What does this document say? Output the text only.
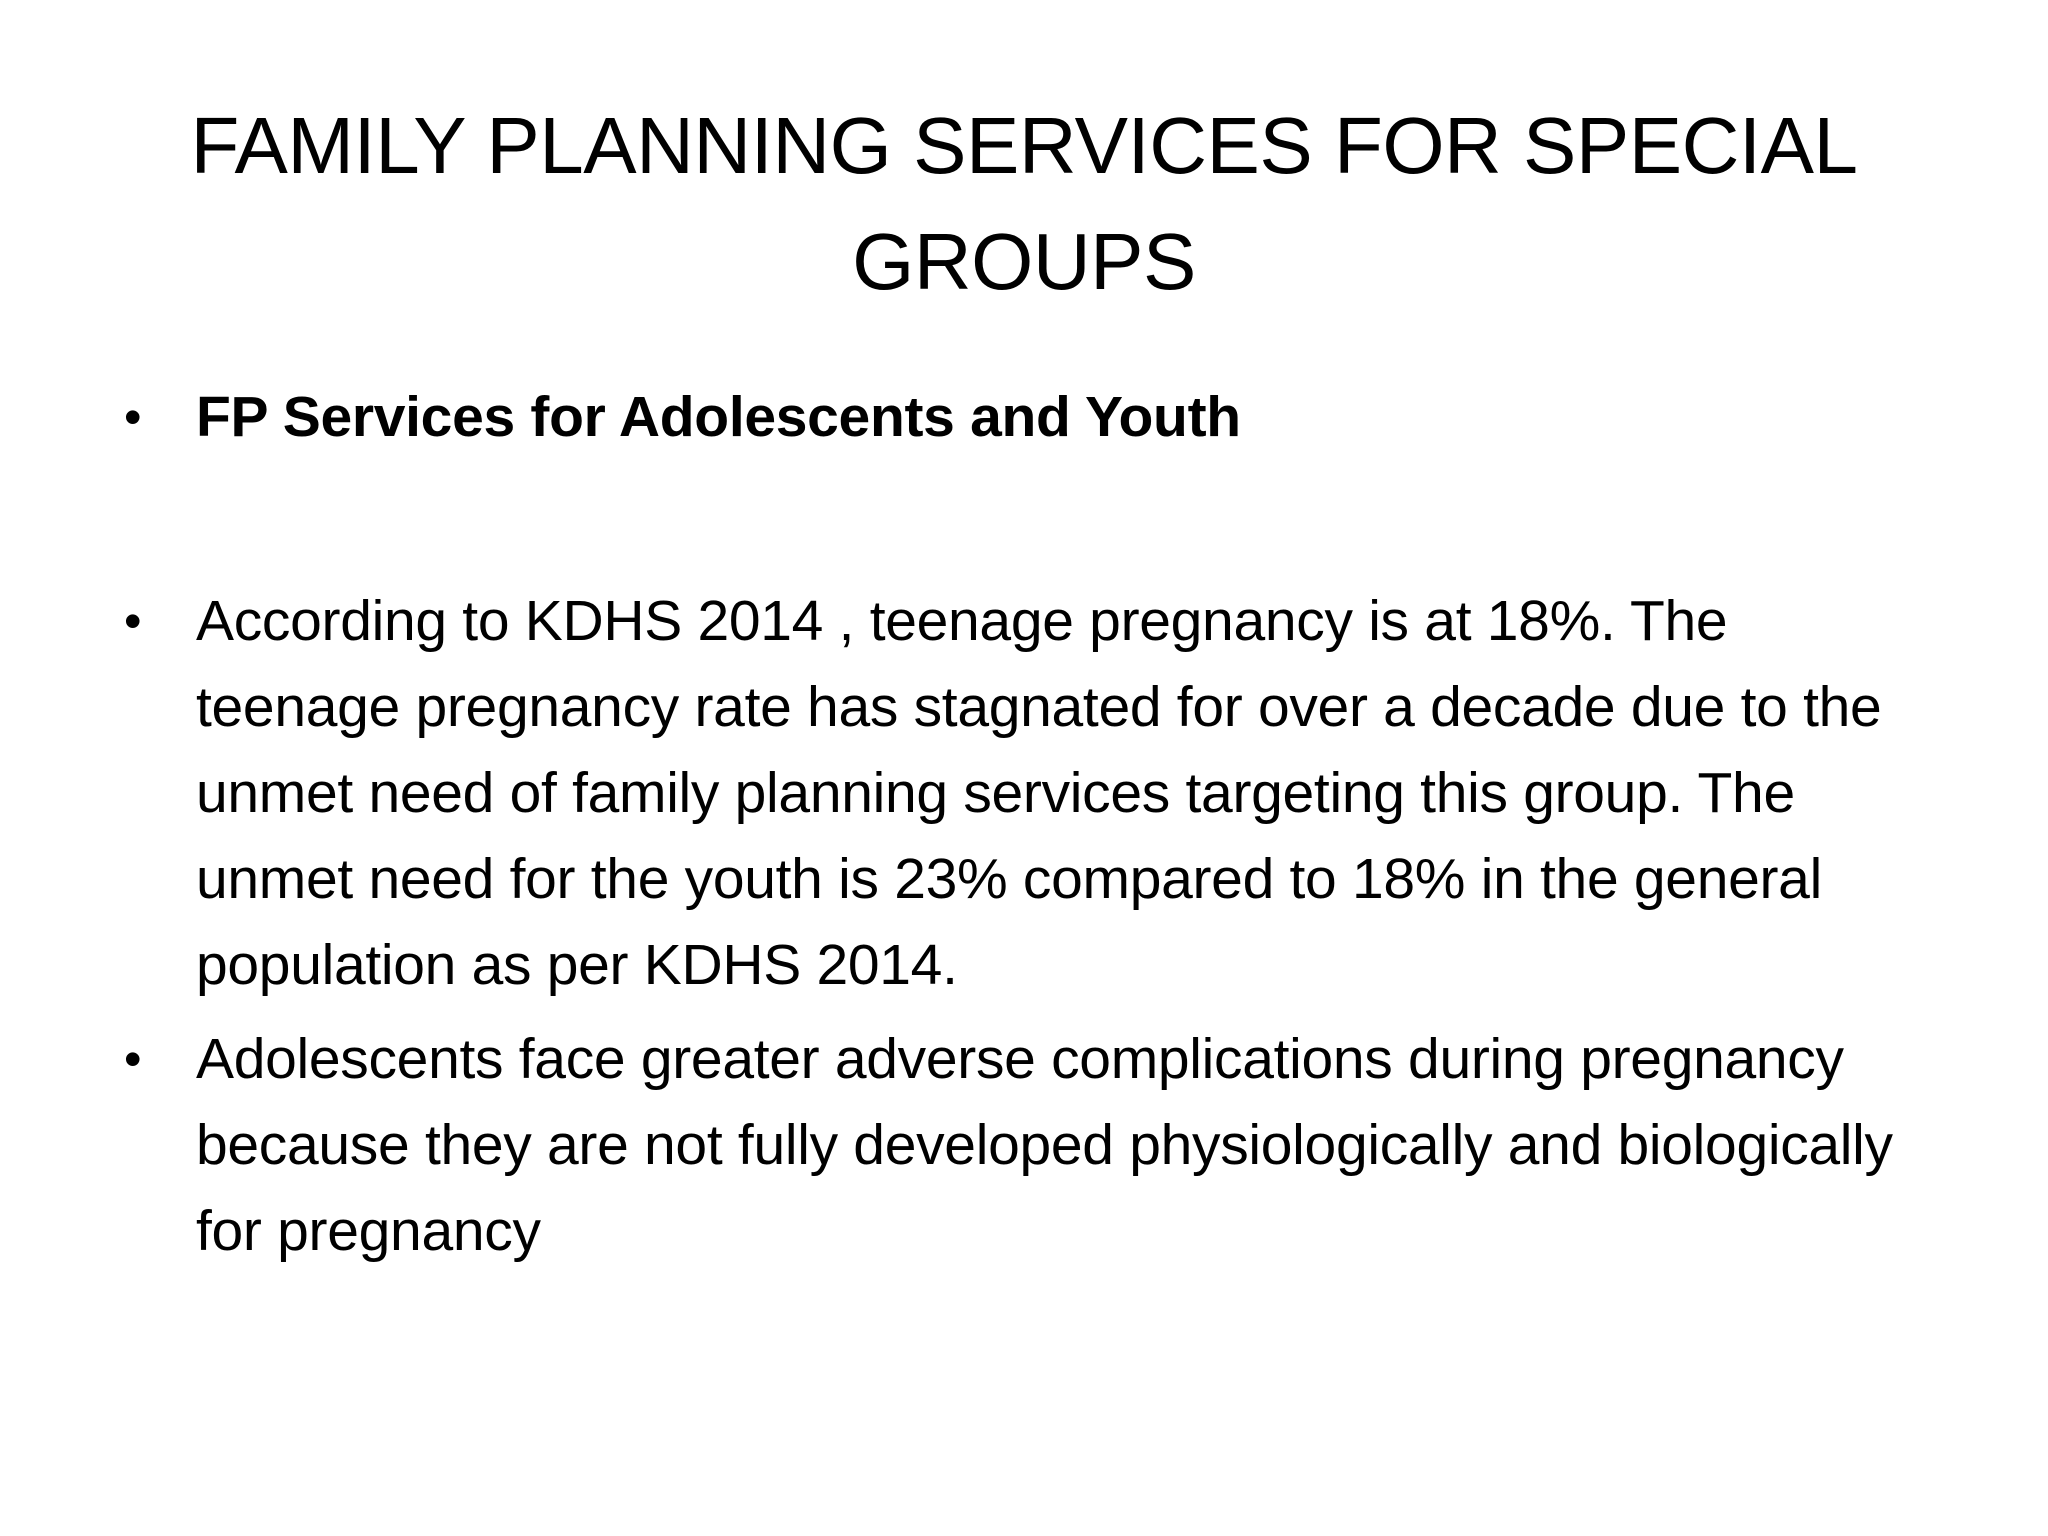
FAMILY PLANNING SERVICES FOR SPECIAL GROUPS
• FP Services for Adolescents and Youth
• According to KDHS 2014 , teenage pregnancy is at 18%. The teenage pregnancy rate has stagnated for over a decade due to the unmet need of family planning services targeting this group. The unmet need for the youth is 23% compared to 18% in the general population as per KDHS 2014.
• Adolescents face greater adverse complications during pregnancy because they are not fully developed physiologically and biologically for pregnancy
